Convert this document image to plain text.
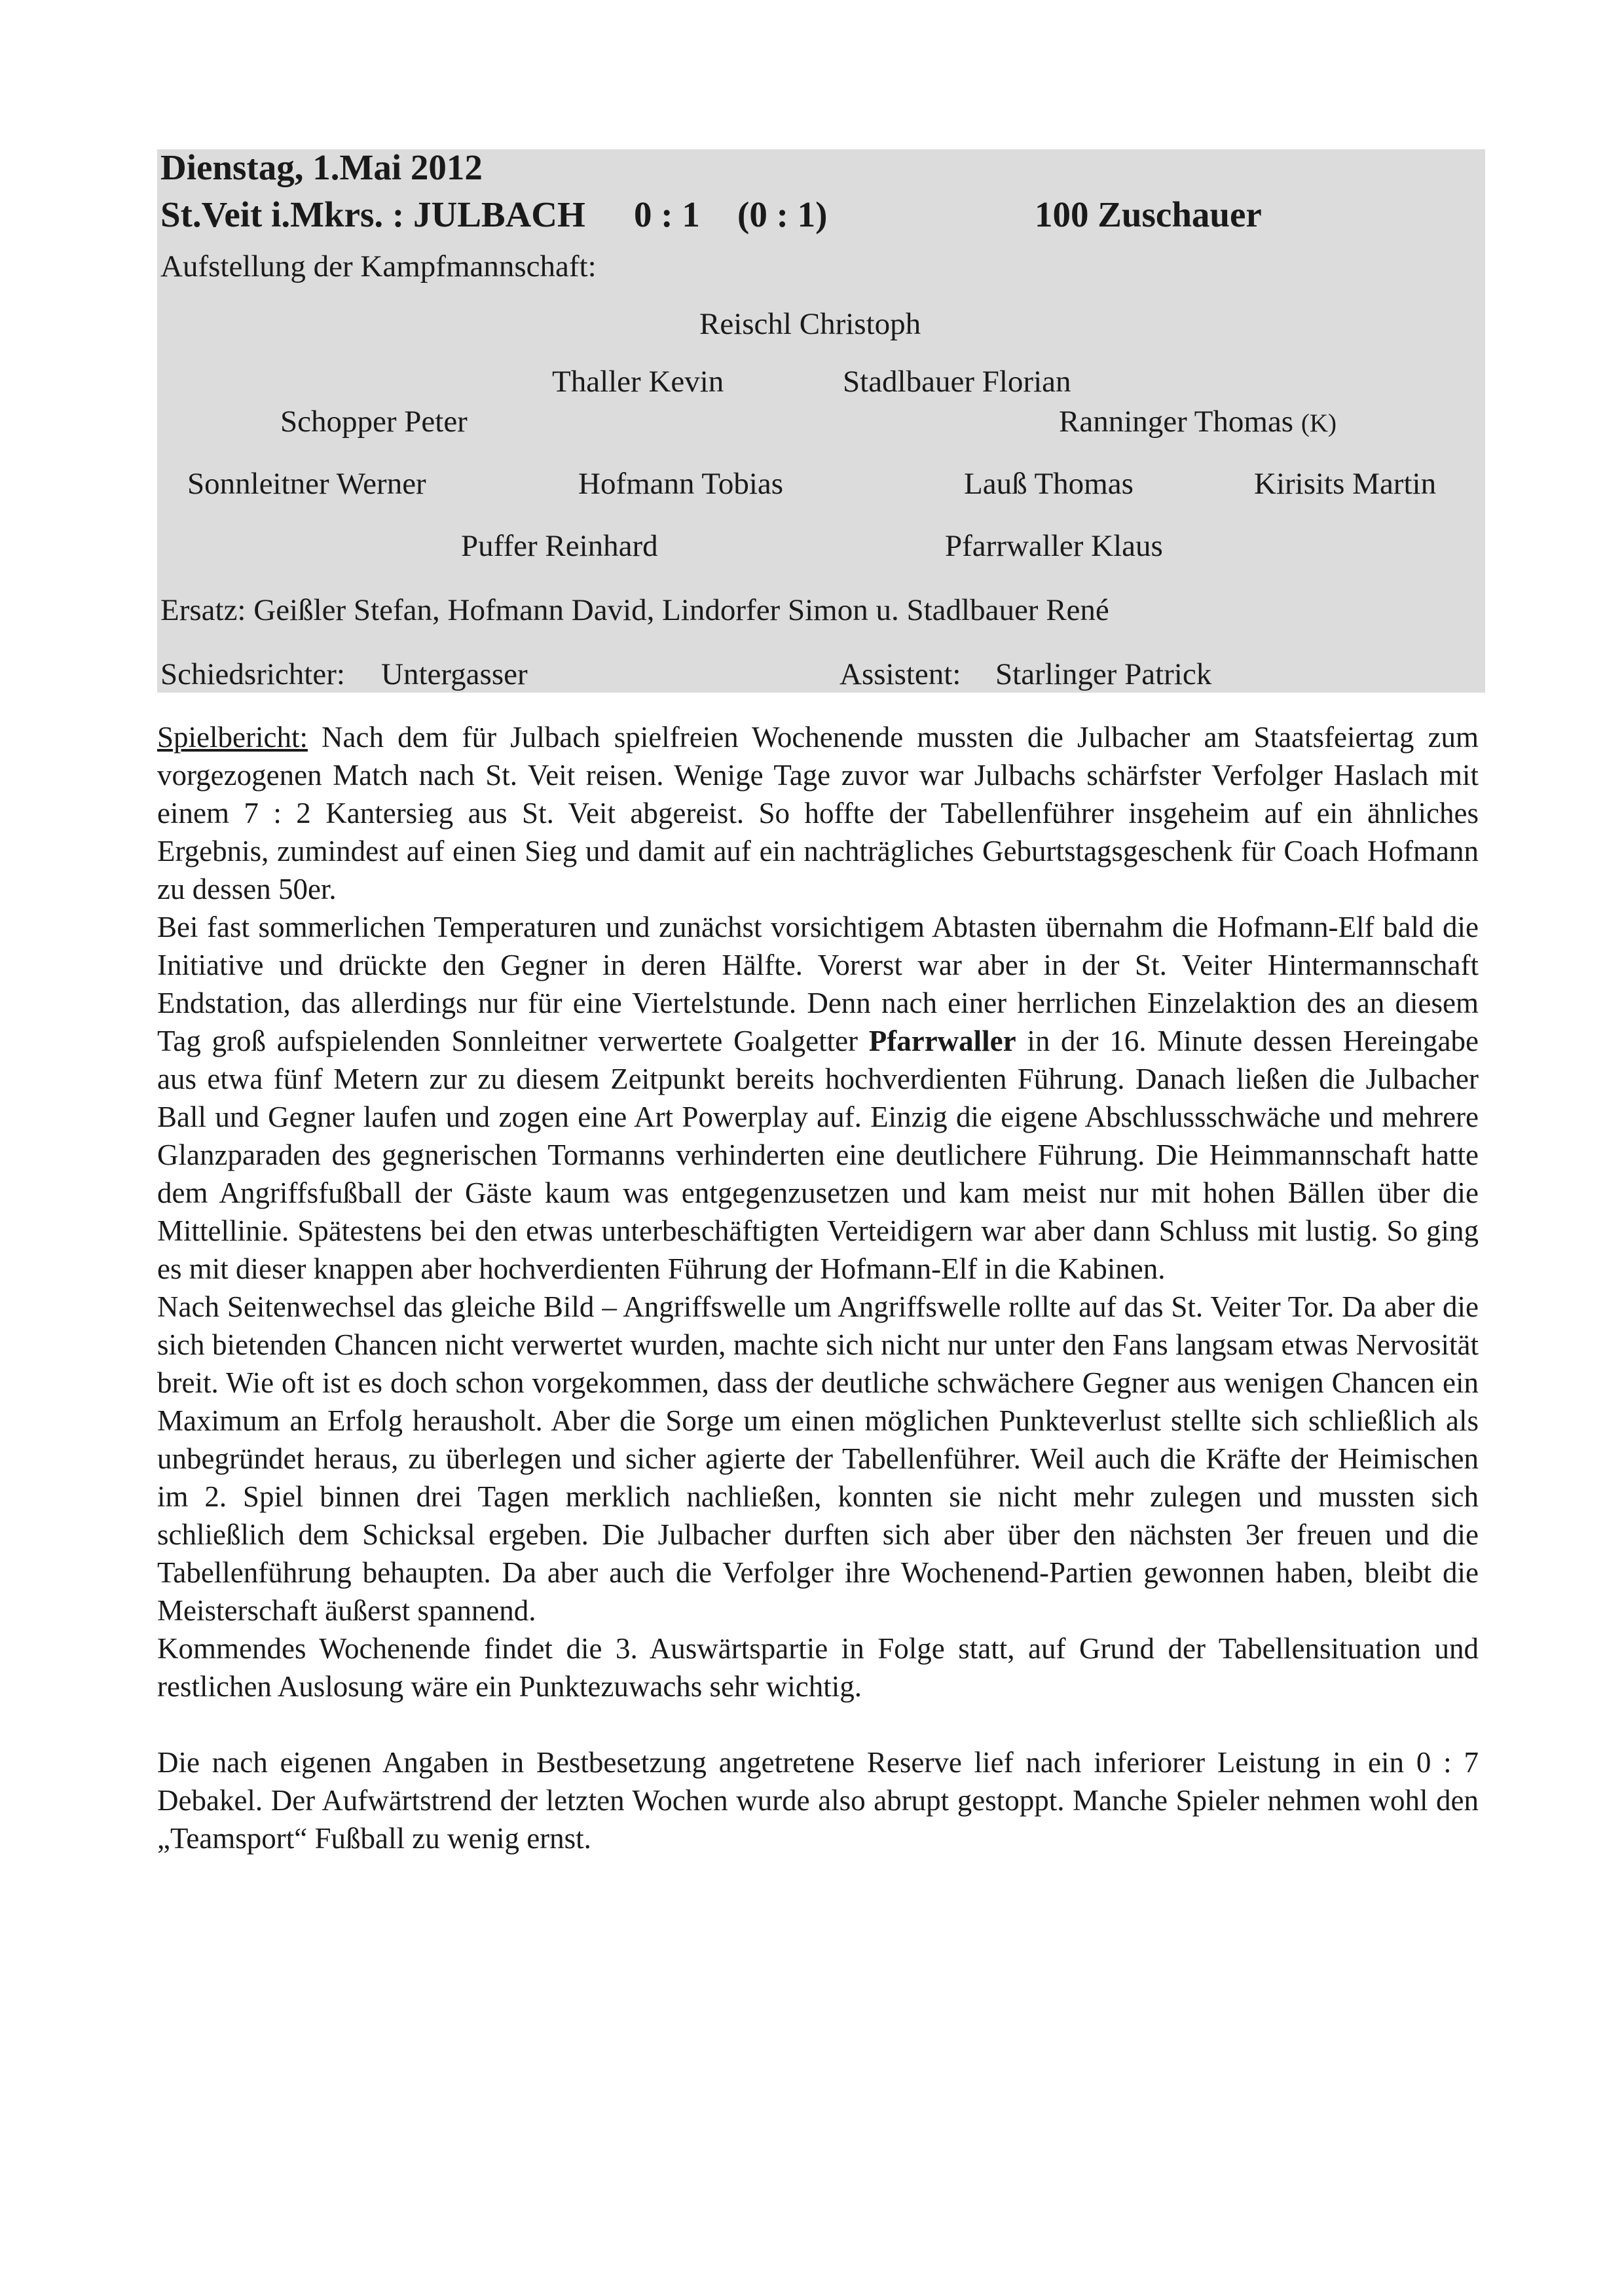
Dienstag, 1.Mai 2012
St.Veit i.Mkrs. : JULBACH 0 : 1 (0 : 1)	100 Zuschauer
Aufstellung der Kampfmannschaft:
Reischl Christoph
Thaller Kevin	Stadlbauer Florian
Schopper Peter	Ranninger Thomas (K)
Sonnleitner Werner	Hofmann Tobias	Lauß Thomas	Kirisits Martin
Puffer Reinhard	Pfarrwaller Klaus
Ersatz: Geißler Stefan, Hofmann David, Lindorfer Simon u. Stadlbauer René
Schiedsrichter: Untergasser	Assistent: Starlinger Patrick

Spielbericht: Nach dem für Julbach spielfreien Wochenende mussten die Julbacher am Staatsfeiertag zum vorgezogenen Match nach St. Veit reisen. Wenige Tage zuvor war Julbachs schärfster Verfolger Haslach mit einem 7 : 2 Kantersieg aus St. Veit abgereist. So hoffte der Tabellenführer insgeheim auf ein ähnliches Ergebnis, zumindest auf einen Sieg und damit auf ein nachträgliches Geburtstagsgeschenk für Coach Hofmann zu dessen 50er.

Bei fast sommerlichen Temperaturen und zunächst vorsichtigem Abtasten übernahm die Hofmann-Elf bald die Initiative und drückte den Gegner in deren Hälfte. Vorerst war aber in der St. Veiter Hintermannschaft Endstation, das allerdings nur für eine Viertelstunde. Denn nach einer herrlichen Einzelaktion des an diesem Tag groß aufspielenden Sonnleitner verwertete Goalgetter Pfarrwaller in der 16. Minute dessen Hereingabe aus etwa fünf Metern zur zu diesem Zeitpunkt bereits hochverdienten Führung. Danach ließen die Julbacher Ball und Gegner laufen und zogen eine Art Powerplay auf. Einzig die eigene Abschlussschwäche und mehrere Glanzparaden des gegnerischen Tormanns verhinderten eine deutlichere Führung. Die Heimmannschaft hatte dem Angriffsfußball der Gäste kaum was entgegenzusetzen und kam meist nur mit hohen Bällen über die Mittellinie. Spätestens bei den etwas unterbeschäftigten Verteidigern war aber dann Schluss mit lustig. So ging es mit dieser knappen aber hochverdienten Führung der Hofmann-Elf in die Kabinen.

Nach Seitenwechsel das gleiche Bild – Angriffswelle um Angriffswelle rollte auf das St. Veiter Tor. Da aber die sich bietenden Chancen nicht verwertet wurden, machte sich nicht nur unter den Fans langsam etwas Nervosität breit. Wie oft ist es doch schon vorgekommen, dass der deutliche schwächere Gegner aus wenigen Chancen ein Maximum an Erfolg herausholt. Aber die Sorge um einen möglichen Punkteverlust stellte sich schließlich als unbegründet heraus, zu überlegen und sicher agierte der Tabellenführer. Weil auch die Kräfte der Heimischen im 2. Spiel binnen drei Tagen merklich nachließen, konnten sie nicht mehr zulegen und mussten sich schließlich dem Schicksal ergeben. Die Julbacher durften sich aber über den nächsten 3er freuen und die Tabellenführung behaupten. Da aber auch die Verfolger ihre Wochenend-Partien gewonnen haben, bleibt die Meisterschaft äußerst spannend.

Kommendes Wochenende findet die 3. Auswärtspartie in Folge statt, auf Grund der Tabellensituation und restlichen Auslosung wäre ein Punktezuwachs sehr wichtig.

Die nach eigenen Angaben in Bestbesetzung angetretene Reserve lief nach inferiorer Leistung in ein 0 : 7 Debakel. Der Aufwärtstrend der letzten Wochen wurde also abrupt gestoppt. Manche Spieler nehmen wohl den „Teamsport“ Fußball zu wenig ernst.
